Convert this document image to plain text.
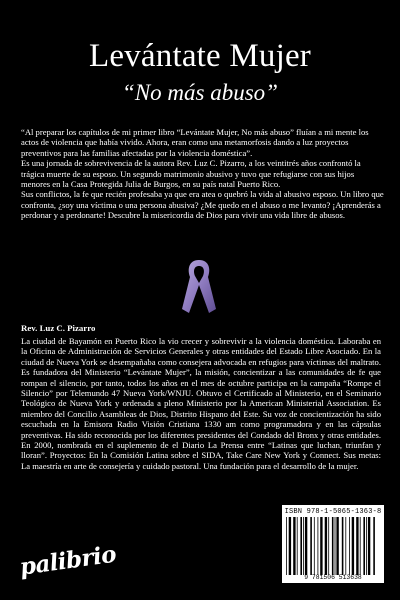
Levántate Mujer
“No más abuso”

“Al preparar los capítulos de mi primer libro “Levántate Mujer, No más abuso” fluían a mi mente los actos de violencia que había vivido. Ahora, eran como una metamorfosis dando a luz proyectos preventivos para las familias afectadas por la violencia doméstica”.

Es una jornada de sobrevivencia de la autora Rev. Luz C. Pizarro, a los veintitrés años confrontó la trágica muerte de su esposo. Un segundo matrimonio abusivo y tuvo que refugiarse con sus hijos menores en la Casa Protegida Julia de Burgos, en su país natal Puerto Rico.

Sus conflictos, la fe que recién profesaba ya que era atea o quebró la vida al abusivo esposo. Un libro que confronta, ¿soy una víctima o una persona abusiva? ¿Me quedo en el abuso o me levanto? ¡Aprenderás a perdonar y a perdonarte! Descubre la misericordia de Dios para vivir una vida libre de abusos.

Rev. Luz C. Pizarro
La ciudad de Bayamón en Puerto Rico la vio crecer y sobrevivir a la violencia doméstica. Laboraba en la Oficina de Administración de Servicios Generales y otras entidades del Estado Libre Asociado. En la ciudad de Nueva York se desempañaba como consejera advocada en refugios para víctimas del maltrato. Es fundadora del Ministerio “Levántate Mujer”, la misión, concientizar a las comunidades de fe que rompan el silencio, por tanto, todos los años en el mes de octubre participa en la campaña “Rompe el Silencio” por Telemundo 47 Nueva York/WNJU. Obtuvo el Certificado al Ministerio, en el Seminario Teológico de Nueva York y ordenada a pleno Ministerio por la American Ministerial Association. Es miembro del Concilio Asambleas de Dios, Distrito Hispano del Este. Su voz de concientización ha sido escuchada en la Emisora Radio Visión Cristiana 1330 am como programadora y en las cápsulas preventivas. Ha sido reconocida por los diferentes presidentes del Condado del Bronx y otras entidades. En 2000, nombrada en el suplemento de el Diario La Prensa entre “Latinas que luchan, triunfan y lloran”. Proyectos: En la Comisión Latina sobre el SIDA, Take Care New York y Connect. Sus metas: La maestría en arte de consejería y cuidado pastoral. Una fundación para el desarrollo de la mujer.
palibrio
ISBN 978-1-5065-1363-8
9 781506 513638
